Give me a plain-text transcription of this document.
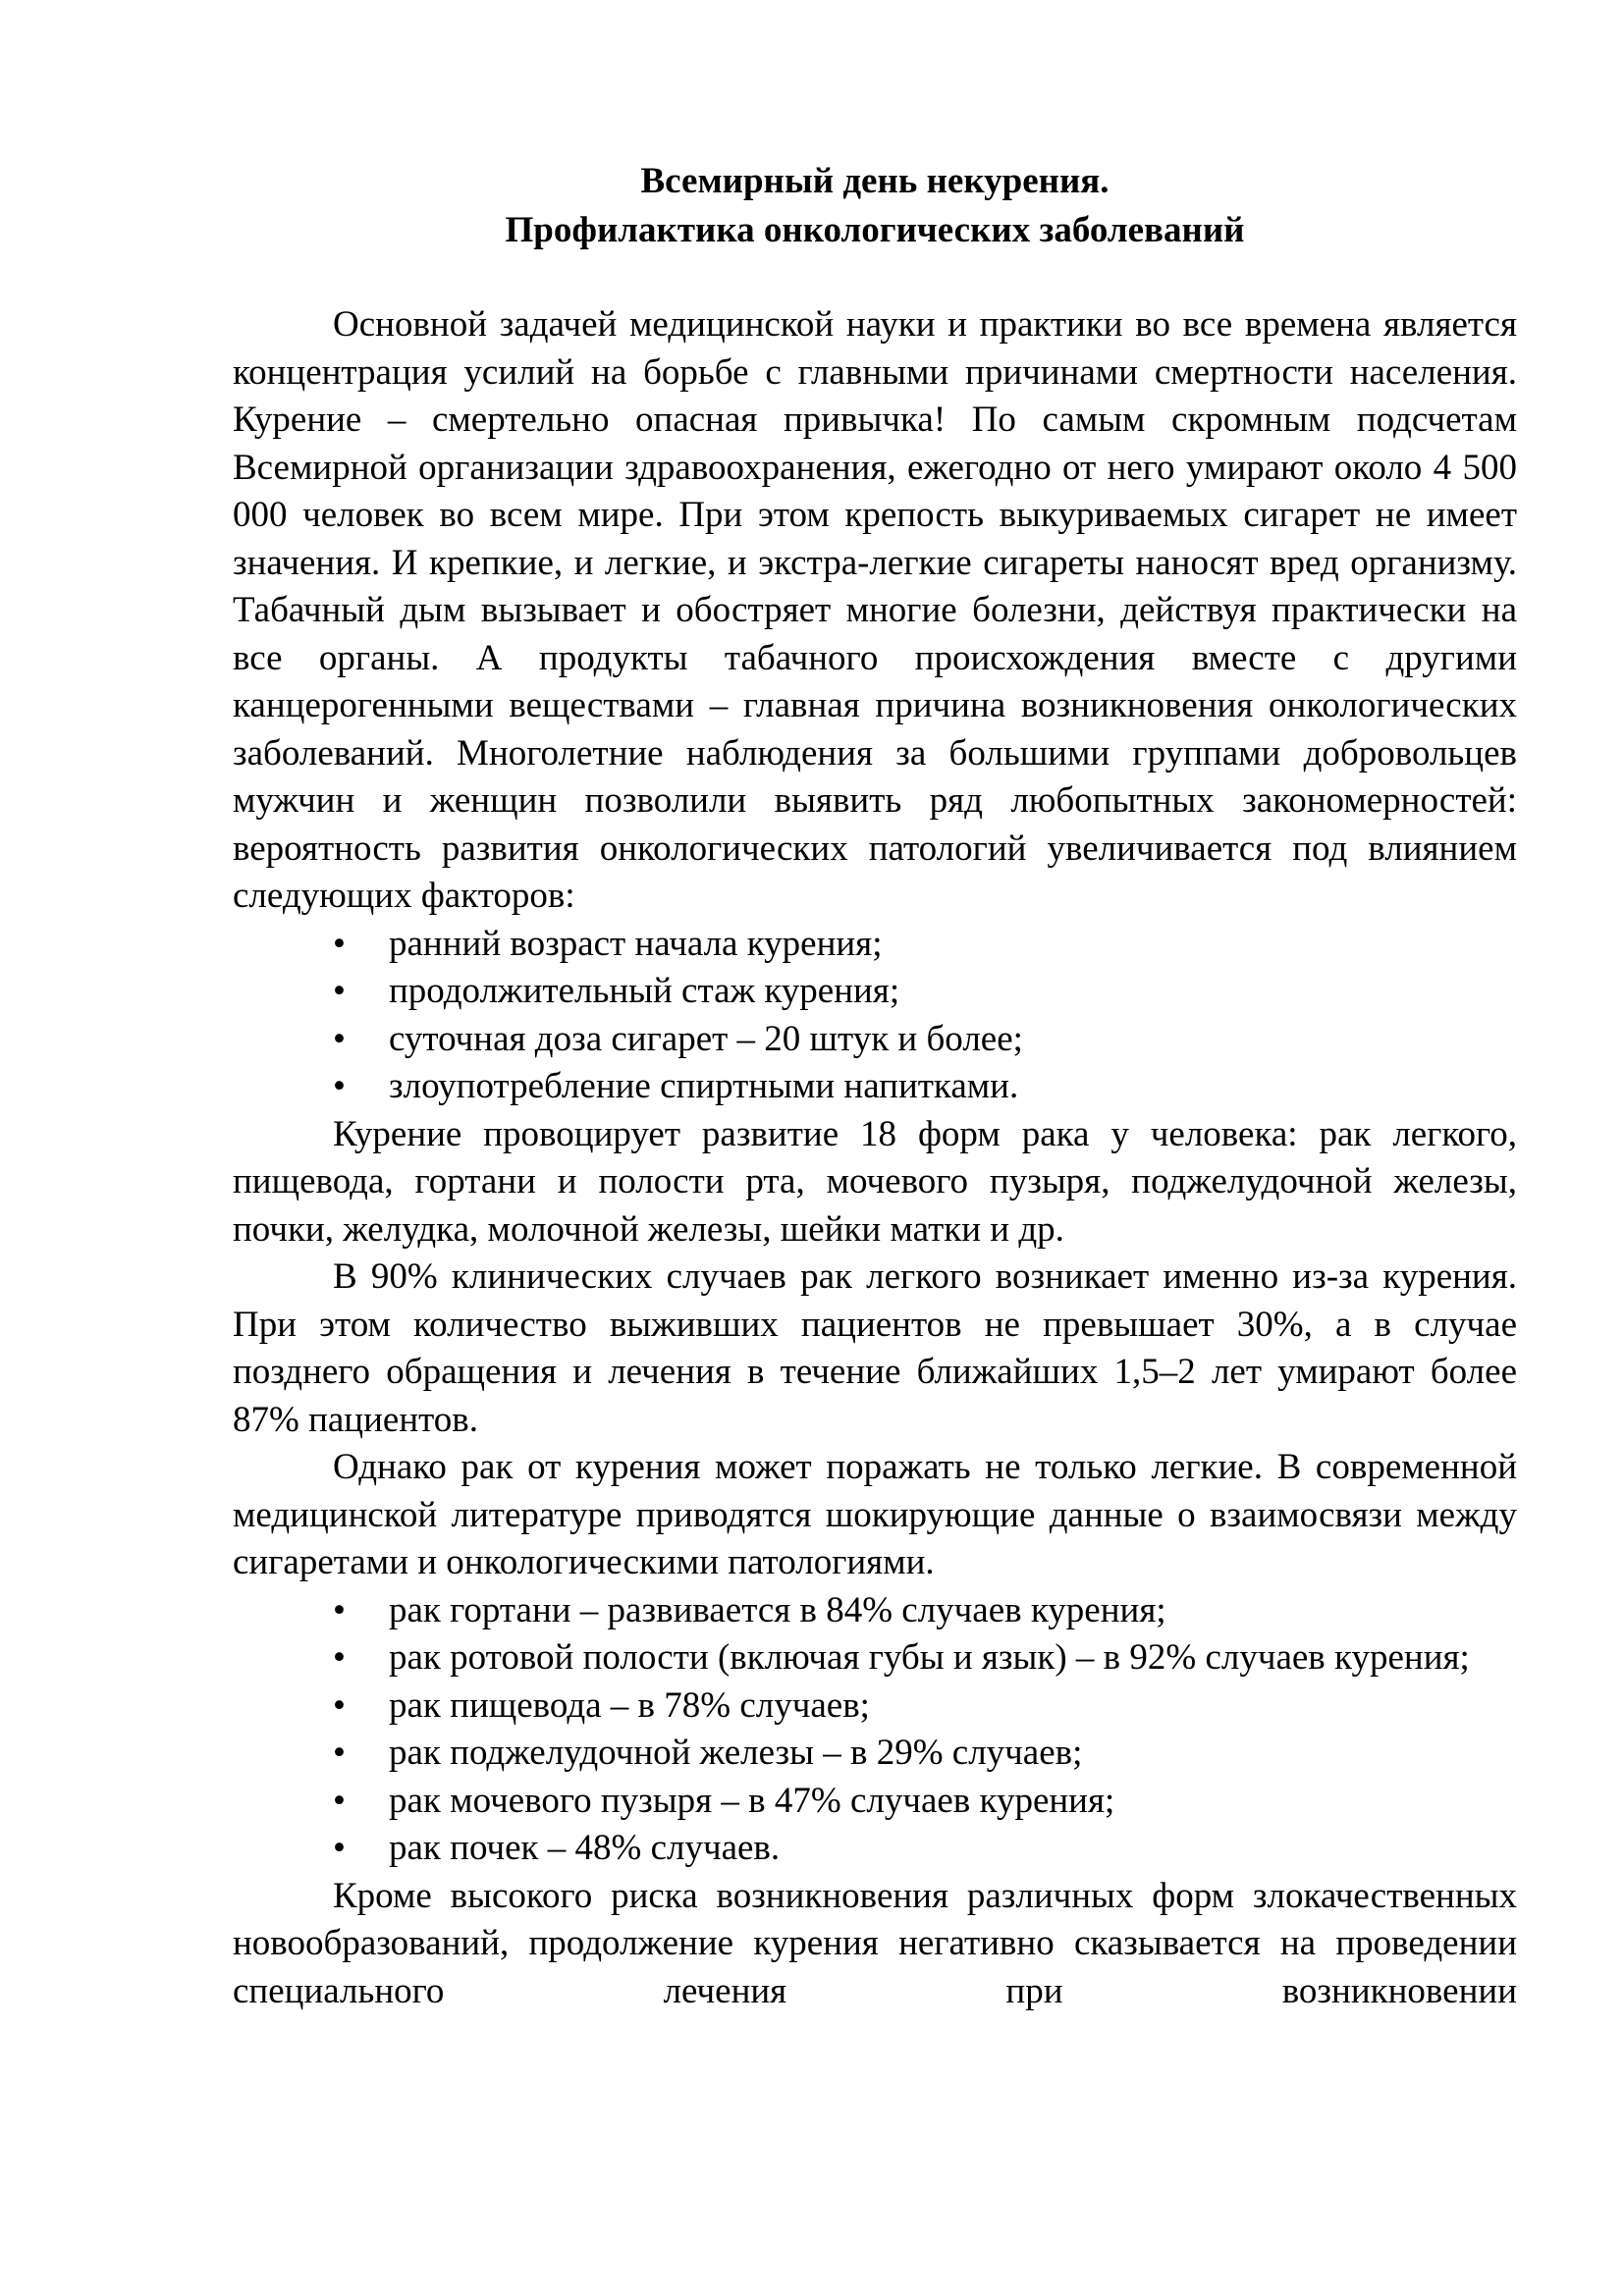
Всемирный день некурения.
Профилактика онкологических заболеваний

Основной задачей медицинской науки и практики во все времена является концентрация усилий на борьбе с главными причинами смертности населения. Курение – смертельно опасная привычка! По самым скромным подсчетам Всемирной организации здравоохранения, ежегодно от него умирают около 4 500 000 человек во всем мире. При этом крепость выкуриваемых сигарет не имеет значения. И крепкие, и легкие, и экстра-легкие сигареты наносят вред организму. Табачный дым вызывает и обостряет многие болезни, действуя практически на все органы. А продукты табачного происхождения вместе с другими канцерогенными веществами – главная причина возникновения онкологических заболеваний. Многолетние наблюдения за большими группами добровольцев мужчин и женщин позволили выявить ряд любопытных закономерностей: вероятность развития онкологических патологий увеличивается под влиянием следующих факторов:

• ранний возраст начала курения;
• продолжительный стаж курения;
• суточная доза сигарет – 20 штук и более;
• злоупотребление спиртными напитками.

Курение провоцирует развитие 18 форм рака у человека: рак легкого, пищевода, гортани и полости рта, мочевого пузыря, поджелудочной железы, почки, желудка, молочной железы, шейки матки и др.

В 90% клинических случаев рак легкого возникает именно из-за курения. При этом количество выживших пациентов не превышает 30%, а в случае позднего обращения и лечения в течение ближайших 1,5–2 лет умирают более 87% пациентов.

Однако рак от курения может поражать не только легкие. В современной медицинской литературе приводятся шокирующие данные о взаимосвязи между сигаретами и онкологическими патологиями.

• рак гортани – развивается в 84% случаев курения;
• рак ротовой полости (включая губы и язык) – в 92% случаев курения;
• рак пищевода – в 78% случаев;
• рак поджелудочной железы – в 29% случаев;
• рак мочевого пузыря – в 47% случаев курения;
• рак почек – 48% случаев.

Кроме высокого риска возникновения различных форм злокачественных новообразований, продолжение курения негативно сказывается на проведении специального лечения при возникновении
